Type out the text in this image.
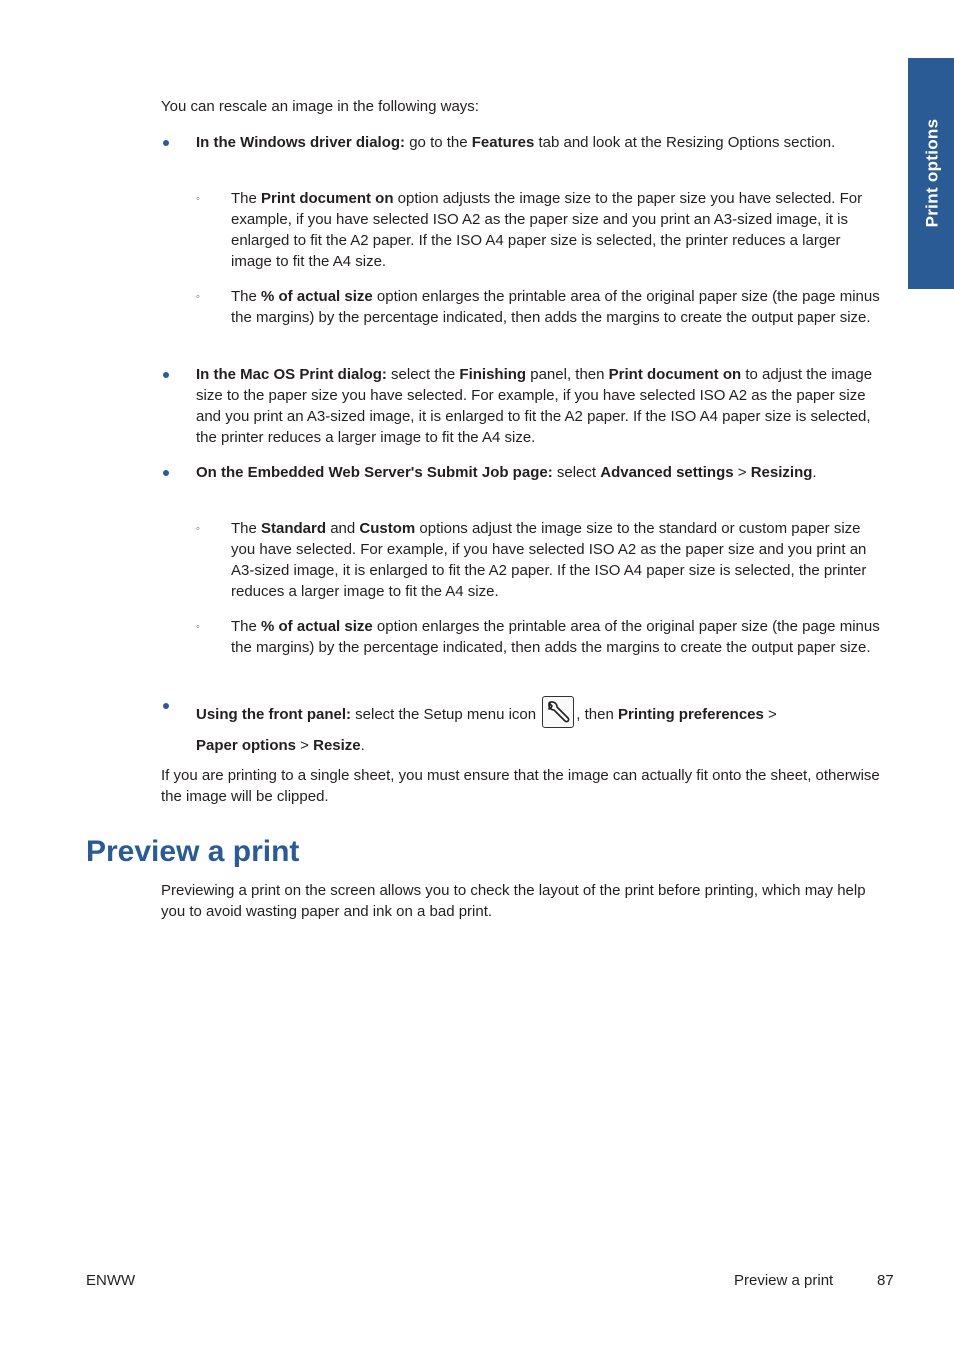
Print options

You can rescale an image in the following ways:

In the Windows driver dialog: go to the Features tab and look at the Resizing Options section.

◦ The Print document on option adjusts the image size to the paper size you have selected. For example, if you have selected ISO A2 as the paper size and you print an A3-sized image, it is enlarged to fit the A2 paper. If the ISO A4 paper size is selected, the printer reduces a larger image to fit the A4 size.

◦ The % of actual size option enlarges the printable area of the original paper size (the page minus the margins) by the percentage indicated, then adds the margins to create the output paper size.

In the Mac OS Print dialog: select the Finishing panel, then Print document on to adjust the image size to the paper size you have selected. For example, if you have selected ISO A2 as the paper size and you print an A3-sized image, it is enlarged to fit the A2 paper. If the ISO A4 paper size is selected, the printer reduces a larger image to fit the A4 size.

On the Embedded Web Server's Submit Job page: select Advanced settings > Resizing.

◦ The Standard and Custom options adjust the image size to the standard or custom paper size you have selected. For example, if you have selected ISO A2 as the paper size and you print an A3-sized image, it is enlarged to fit the A2 paper. If the ISO A4 paper size is selected, the printer reduces a larger image to fit the A4 size.

◦ The % of actual size option enlarges the printable area of the original paper size (the page minus the margins) by the percentage indicated, then adds the margins to create the output paper size.

Using the front panel: select the Setup menu icon , then Printing preferences >
Paper options > Resize.

If you are printing to a single sheet, you must ensure that the image can actually fit onto the sheet, otherwise the image will be clipped.

Preview a print

Previewing a print on the screen allows you to check the layout of the print before printing, which may help you to avoid wasting paper and ink on a bad print.

ENWW	Preview a print	87
